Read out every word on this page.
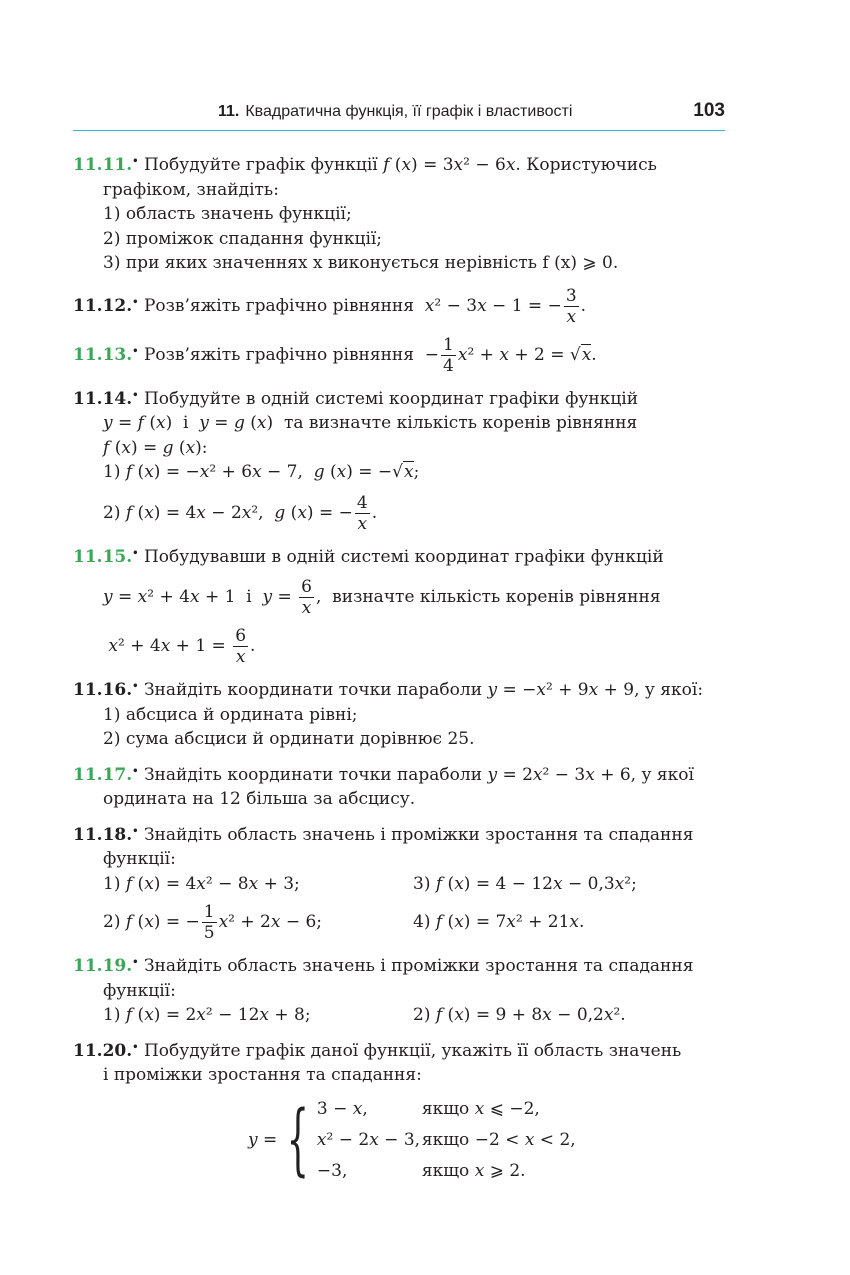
11. Квадратична функція, її графік і властивості	103
11.11.• Побудуйте графік функції f (x) = 3x² − 6x. Користуючись
графіком, знайдіть:
1) область значень функції;
2) проміжок спадання функції;
3) при яких значеннях x виконується нерівність f (x) ⩾ 0.
11.12.• Розв’яжіть графічно рівняння x² − 3x − 1 = − $\frac{3}{x}$ .
11.13.• Розв’яжіть графічно рівняння  − $\frac{1}{4} x^2 + x + 2 = √x$.
11.14.• Побудуйте в одній системі координат графіки функцій
y = f (x)  і  y = g (x)  та визначте кількість коренів рівняння
f (x) = g (x):
1) f (x) = −x² + 6x − 7,  g (x) = −√x;
2) f (x) = 4x − 2x²,  g (x) = − $\frac{4}{x}$ .
11.15.• Побудувавши в одній системі координат графіки функцій
y = x² + 4x + 1  і  $y = \frac{6}{x}$ ,  визначте кількість коренів рівняння
$x^2 + 4x + 1 = \frac{6}{x}$ .
11.16.• Знайдіть координати точки параболи y = −x² + 9x + 9, у якої:
1) абсциса й ордината рівні;
2) сума абсциси й ординати дорівнює 25.
11.17.• Знайдіть координати точки параболи y = 2x² − 3x + 6, у якої
ордината на 12 більша за абсцису.
11.18.• Знайдіть область значень і проміжки зростання та спадання
функції:
1) f (x) = 4x² − 8x + 3;	3) f (x) = 4 − 12x − 0,3x²;
2) f (x) = − $\frac{1}{5} x^2 + 2x - 6$;	4) f (x) = 7x² + 21x.
11.19.• Знайдіть область значень і проміжки зростання та спадання
функції:
1) f (x) = 2x² − 12x + 8;	2) f (x) = 9 + 8x − 0,2x².
11.20.• Побудуйте графік даної функції, укажіть її область значень
і проміжки зростання та спадання:
y = { 3 − x,	якщо x ⩽ −2,
x² − 2x − 3, якщо −2 < x < 2,
−3,	якщо x ⩾ 2.
